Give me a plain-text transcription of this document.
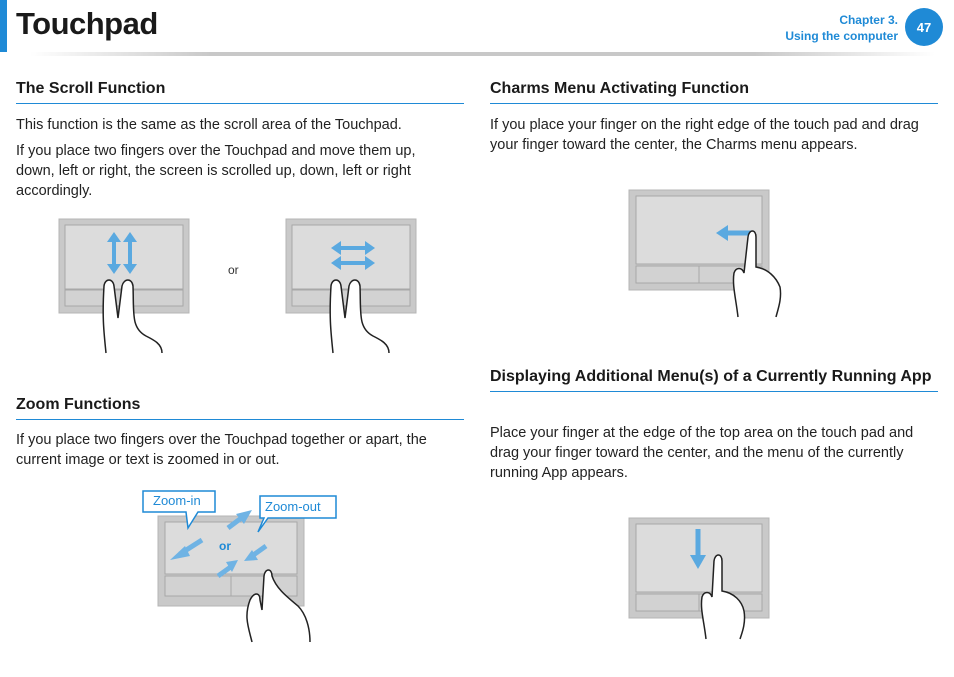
Touchpad	Chapter 3.
Using the computer
47
The Scroll Function

This function is the same as the scroll area of the Touchpad.

If you place two fingers over the Touchpad and move them up, down, left or right, the screen is scrolled up, down, left or right accordingly.

or
Zoom Functions

If you place two fingers over the Touchpad together or apart, the current image or text is zoomed in or out.

or
Zoom-in	Zoom-out
Charms Menu Activating Function

If you place your finger on the right edge of the touch pad and drag your finger toward the center, the Charms menu appears.

Displaying Additional Menu(s) of a Currently Running App

Place your finger at the edge of the top area on the touch pad and drag your finger toward the center, and the menu of the currently running App appears.
